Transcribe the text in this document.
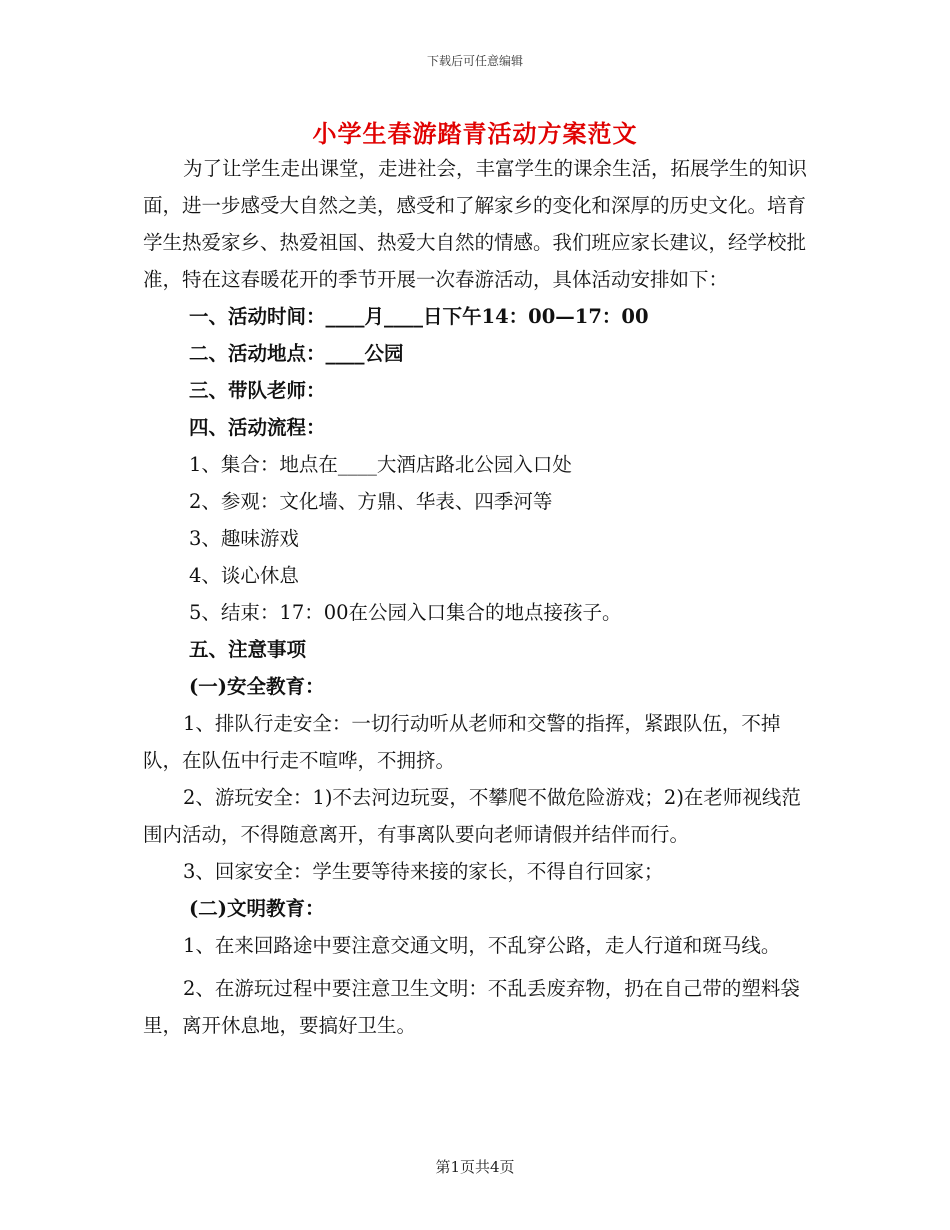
下载后可任意编辑
小学生春游踏青活动方案范文

为了让学生走出课堂，走进社会，丰富学生的课余生活，拓展学生的知识面，进一步感受大自然之美，感受和了解家乡的变化和深厚的历史文化。培育学生热爱家乡、热爱祖国、热爱大自然的情感。我们班应家长建议，经学校批准，特在这春暖花开的季节开展一次春游活动，具体活动安排如下：

一、活动时间：____月____日下午14：00—17：00

二、活动地点：____公园

三、带队老师：

四、活动流程：

1、集合：地点在____大酒店路北公园入口处

2、参观：文化墙、方鼎、华表、四季河等

3、趣味游戏

4、谈心休息

5、结束：17：00在公园入口集合的地点接孩子。

五、注意事项

(一)安全教育：

1、排队行走安全：一切行动听从老师和交警的指挥，紧跟队伍，不掉队，在队伍中行走不喧哗，不拥挤。

2、游玩安全：1)不去河边玩耍，不攀爬不做危险游戏；2)在老师视线范围内活动，不得随意离开，有事离队要向老师请假并结伴而行。

3、回家安全：学生要等待来接的家长，不得自行回家；

(二)文明教育：

1、在来回路途中要注意交通文明，不乱穿公路，走人行道和斑马线。

2、在游玩过程中要注意卫生文明：不乱丢废弃物，扔在自己带的塑料袋里，离开休息地，要搞好卫生。

第1页共4页
